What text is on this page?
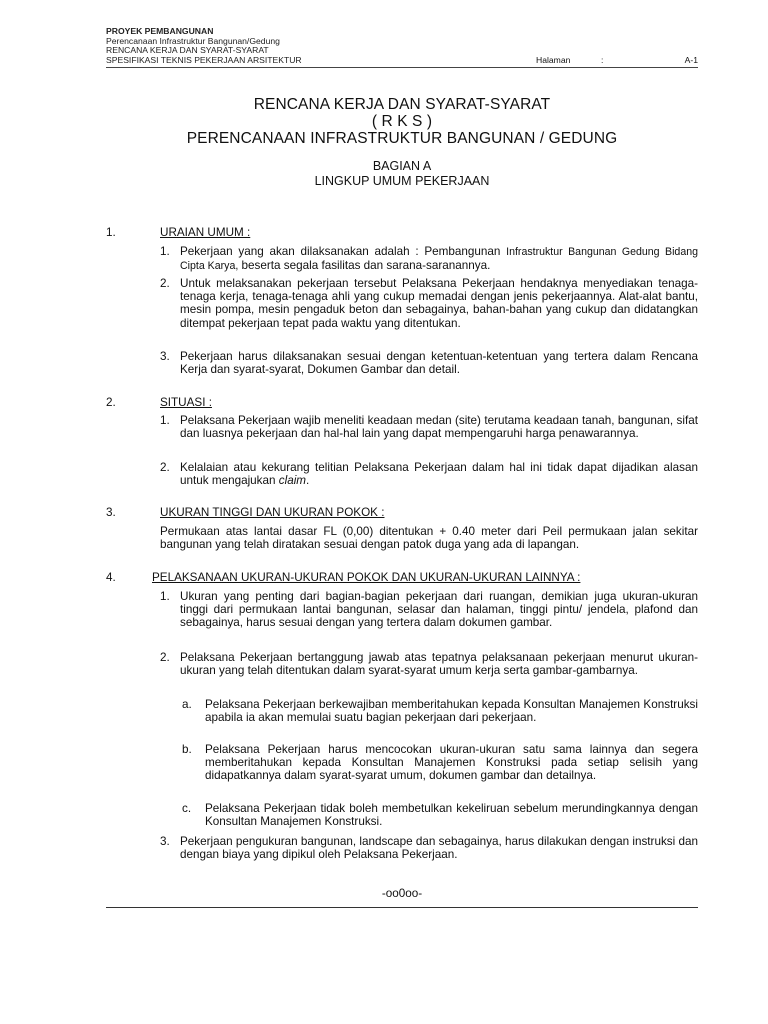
PROYEK PEMBANGUNAN
Perencanaan Infrastruktur Bangunan/Gedung
RENCANA KERJA DAN SYARAT-SYARAT
SPESIFIKASI TEKNIS PEKERJAAN ARSITEKTUR	Halaman	:	A-1
RENCANA KERJA DAN SYARAT-SYARAT
( R K S )
PERENCANAAN INFRASTRUKTUR BANGUNAN / GEDUNG
BAGIAN A
LINGKUP UMUM PEKERJAAN
1.	URAIAN UMUM :
1. Pekerjaan yang akan dilaksanakan adalah : Pembangunan Infrastruktur Bangunan Gedung Bidang Cipta Karya, beserta segala fasilitas dan sarana-saranannya.
2. Untuk melaksanakan pekerjaan tersebut Pelaksana Pekerjaan hendaknya menyediakan tenaga-tenaga kerja, tenaga-tenaga ahli yang cukup memadai dengan jenis pekerjaannya. Alat-alat bantu, mesin pompa, mesin pengaduk beton dan sebagainya, bahan-bahan yang cukup dan didatangkan ditempat pekerjaan tepat pada waktu yang ditentukan.
3. Pekerjaan harus dilaksanakan sesuai dengan ketentuan-ketentuan yang tertera dalam Rencana Kerja dan syarat-syarat, Dokumen Gambar dan detail.
2.	SITUASI :
1. Pelaksana Pekerjaan wajib meneliti keadaan medan (site) terutama keadaan tanah, bangunan, sifat dan luasnya pekerjaan dan hal-hal lain yang dapat mempengaruhi harga penawarannya.
2. Kelalaian atau kekurang telitian Pelaksana Pekerjaan dalam hal ini tidak dapat dijadikan alasan untuk mengajukan claim.
3.	UKURAN TINGGI DAN UKURAN POKOK :
Permukaan atas lantai dasar FL (0,00) ditentukan + 0.40 meter dari Peil permukaan jalan sekitar bangunan yang telah diratakan sesuai dengan patok duga yang ada di lapangan.
4.	PELAKSANAAN UKURAN-UKURAN POKOK DAN UKURAN-UKURAN LAINNYA :
1. Ukuran yang penting dari bagian-bagian pekerjaan dari ruangan, demikian juga ukuran-ukuran tinggi dari permukaan lantai bangunan, selasar dan halaman, tinggi pintu/ jendela, plafond dan sebagainya, harus sesuai dengan yang tertera dalam dokumen gambar.
2. Pelaksana Pekerjaan bertanggung jawab atas tepatnya pelaksanaan pekerjaan menurut ukuran-ukuran yang telah ditentukan dalam syarat-syarat umum kerja serta gambar-gambarnya.
a. Pelaksana Pekerjaan berkewajiban memberitahukan kepada Konsultan Manajemen Konstruksi apabila ia akan memulai suatu bagian pekerjaan dari pekerjaan.
b. Pelaksana Pekerjaan harus mencocokan ukuran-ukuran satu sama lainnya dan segera memberitahukan kepada Konsultan Manajemen Konstruksi pada setiap selisih yang didapatkannya dalam syarat-syarat umum, dokumen gambar dan detailnya.
c. Pelaksana Pekerjaan tidak boleh membetulkan kekeliruan sebelum merundingkannya dengan Konsultan Manajemen Konstruksi.
3. Pekerjaan pengukuran bangunan, landscape dan sebagainya, harus dilakukan dengan instruksi dan dengan biaya yang dipikul oleh Pelaksana Pekerjaan.
-oo0oo-
